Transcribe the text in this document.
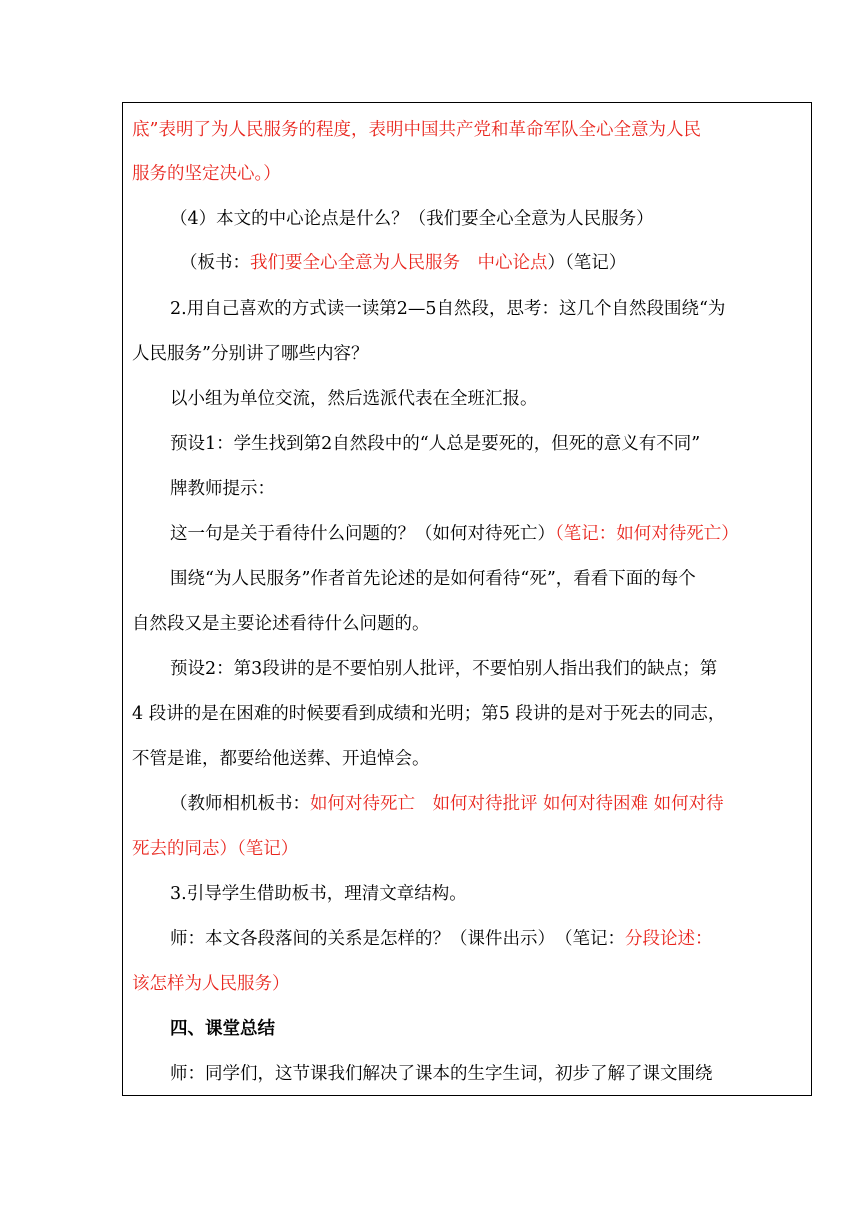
底”表明了为人民服务的程度，表明中国共产党和革命军队全心全意为人民
服务的坚定决心。）
（4）本文的中心论点是什么？（我们要全心全意为人民服务）
（板书：我们要全心全意为人民服务　中心论点）（笔记）
2.用自己喜欢的方式读一读第2—5自然段，思考：这几个自然段围绕“为
人民服务”分别讲了哪些内容？
以小组为单位交流，然后选派代表在全班汇报。
预设1：学生找到第2自然段中的“人总是要死的，但死的意义有不同”
牌教师提示：
这一句是关于看待什么问题的？（如何对待死亡）（笔记：如何对待死亡）
围绕“为人民服务”作者首先论述的是如何看待“死”，看看下面的每个
自然段又是主要论述看待什么问题的。
预设2：第3段讲的是不要怕别人批评，不要怕别人指出我们的缺点；第
4 段讲的是在困难的时候要看到成绩和光明；第5 段讲的是对于死去的同志，
不管是谁，都要给他送葬、开追悼会。
（教师相机板书：如何对待死亡　如何对待批评 如何对待困难 如何对待
死去的同志）（笔记）
3.引导学生借助板书，理清文章结构。
师：本文各段落间的关系是怎样的？（课件出示）　（笔记：分段论述：
该怎样为人民服务）
四、课堂总结
师：同学们，这节课我们解决了课本的生字生词，初步了解了课文围绕
